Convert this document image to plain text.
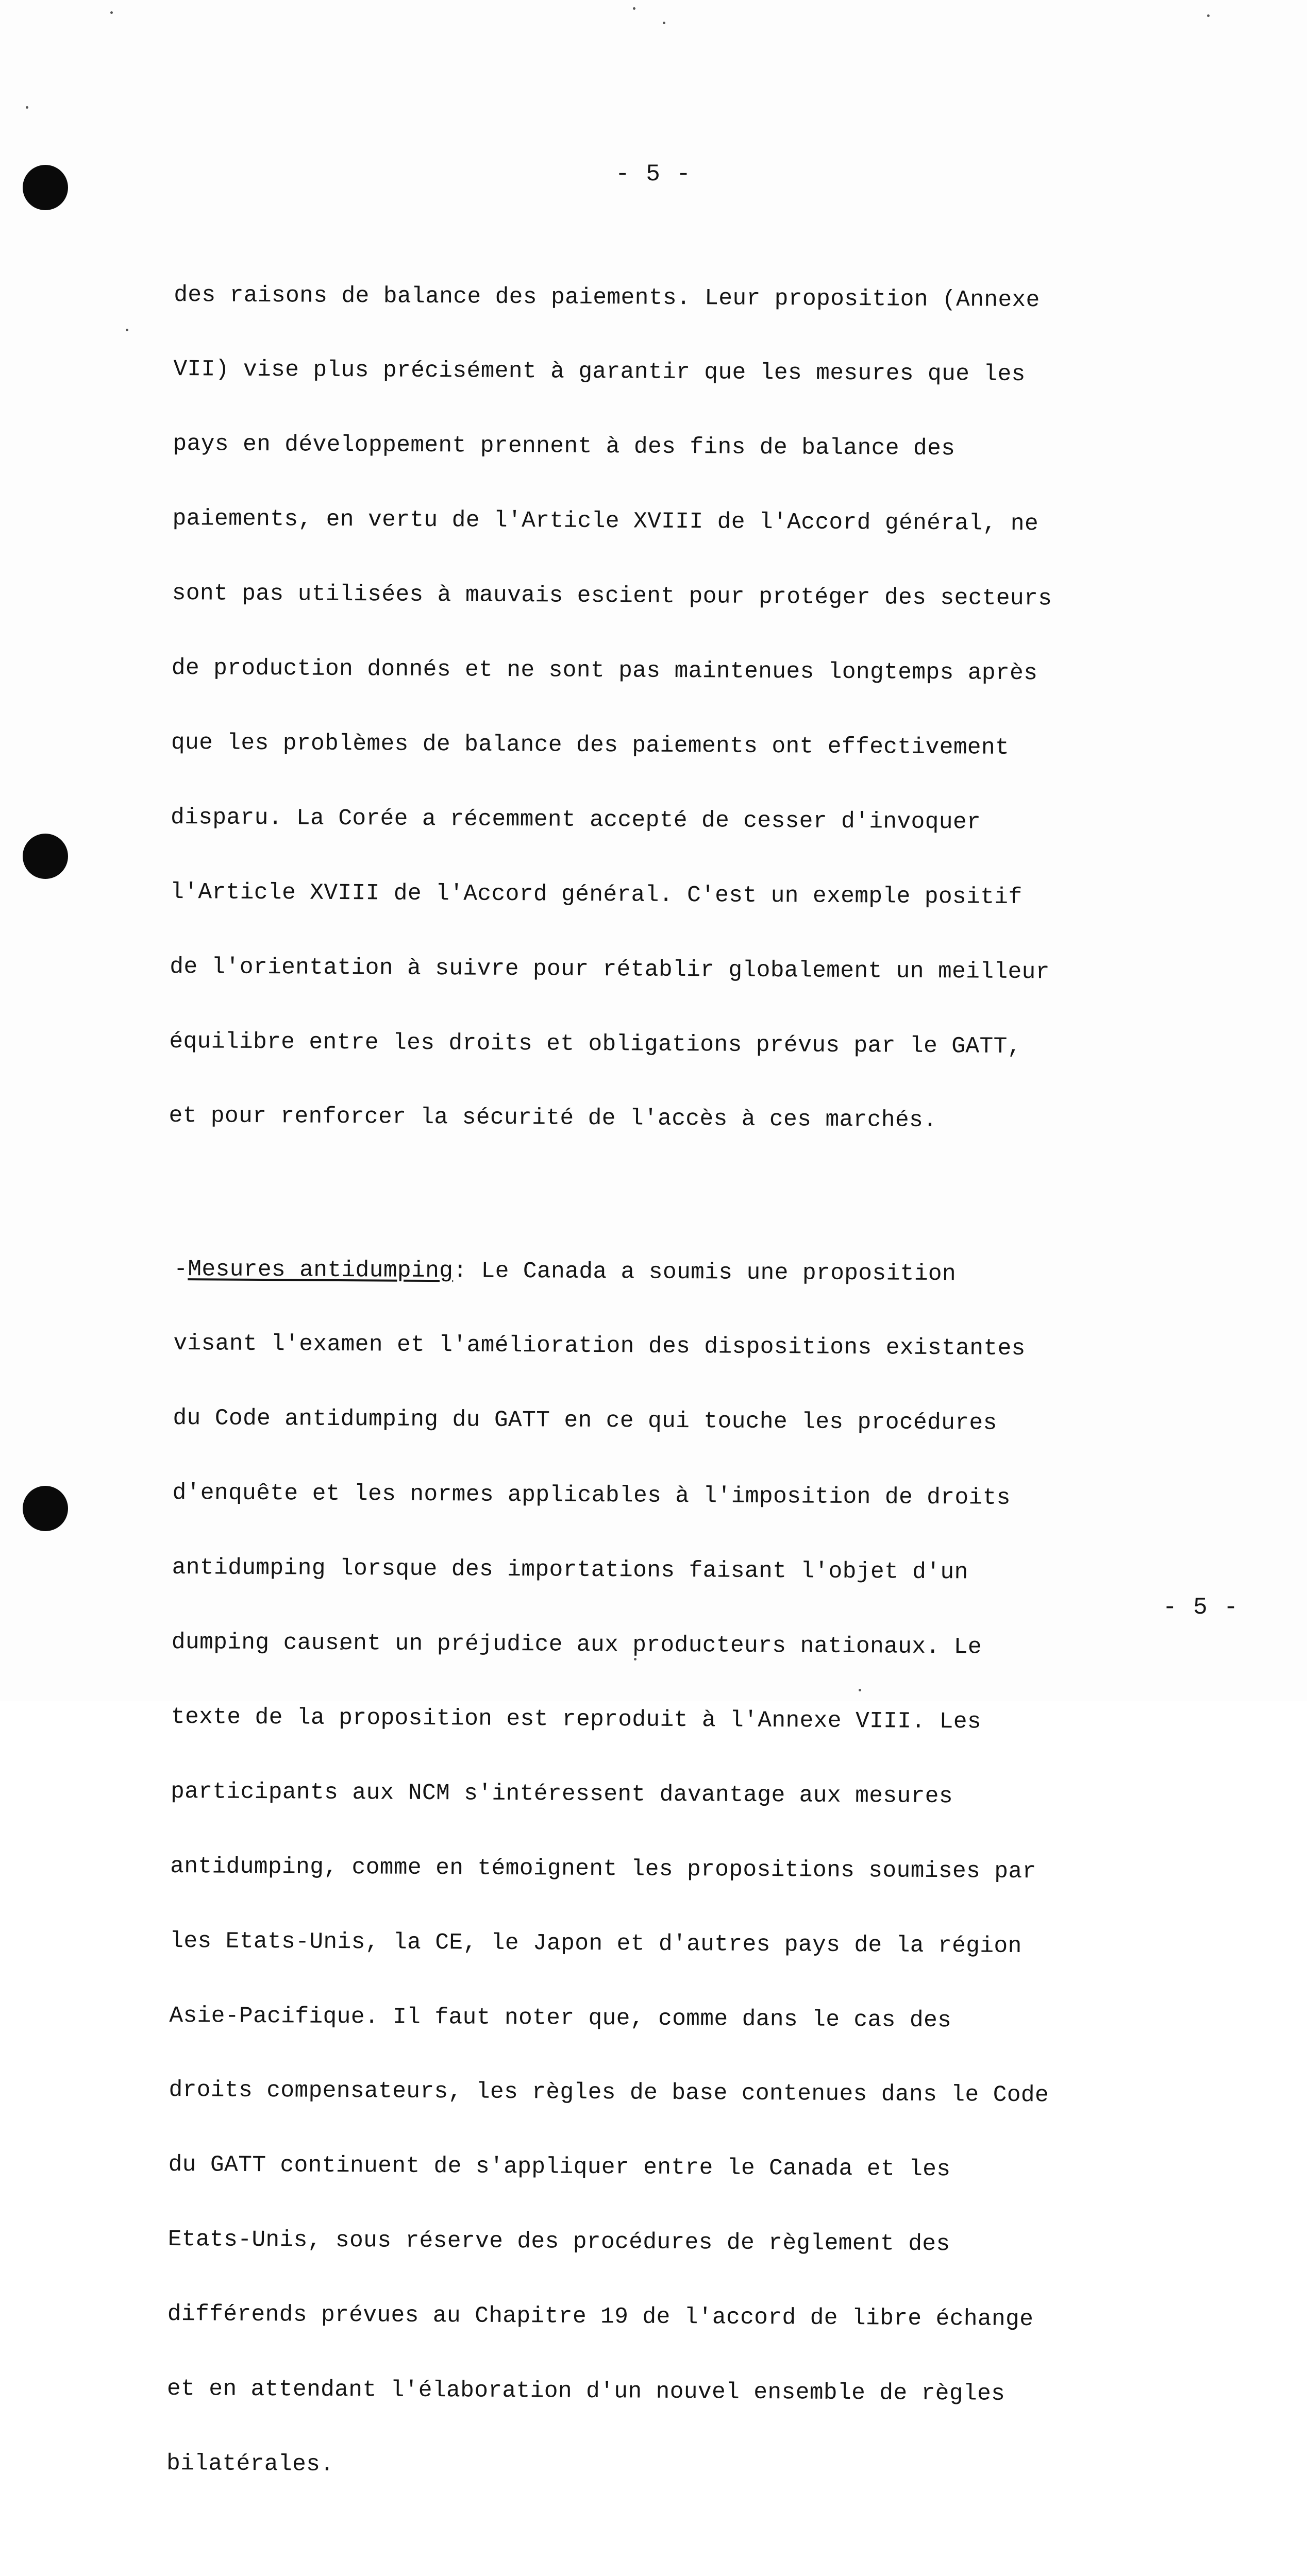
- 5 -

des raisons de balance des paiements. Leur proposition (Annexe

VII) vise plus précisément à garantir que les mesures que les

pays en développement prennent à des fins de balance des

paiements, en vertu de l'Article XVIII de l'Accord général, ne

sont pas utilisées à mauvais escient pour protéger des secteurs

de production donnés et ne sont pas maintenues longtemps après

que les problèmes de balance des paiements ont effectivement

disparu. La Corée a récemment accepté de cesser d'invoquer

l'Article XVIII de l'Accord général. C'est un exemple positif

de l'orientation à suivre pour rétablir globalement un meilleur

équilibre entre les droits et obligations prévus par le GATT,

et pour renforcer la sécurité de l'accès à ces marchés.

-Mesures antidumping: Le Canada a soumis une proposition

visant l'examen et l'amélioration des dispositions existantes

du Code antidumping du GATT en ce qui touche les procédures

d'enquête et les normes applicables à l'imposition de droits

antidumping lorsque des importations faisant l'objet d'un

dumping causent un préjudice aux producteurs nationaux. Le

texte de la proposition est reproduit à l'Annexe VIII. Les

participants aux NCM s'intéressent davantage aux mesures

antidumping, comme en témoignent les propositions soumises par

les Etats-Unis, la CE, le Japon et d'autres pays de la région

Asie-Pacifique. Il faut noter que, comme dans le cas des

droits compensateurs, les règles de base contenues dans le Code

du GATT continuent de s'appliquer entre le Canada et les

Etats-Unis, sous réserve des procédures de règlement des

différends prévues au Chapitre 19 de l'accord de libre échange

et en attendant l'élaboration d'un nouvel ensemble de règles

bilatérales.

- 5 -
